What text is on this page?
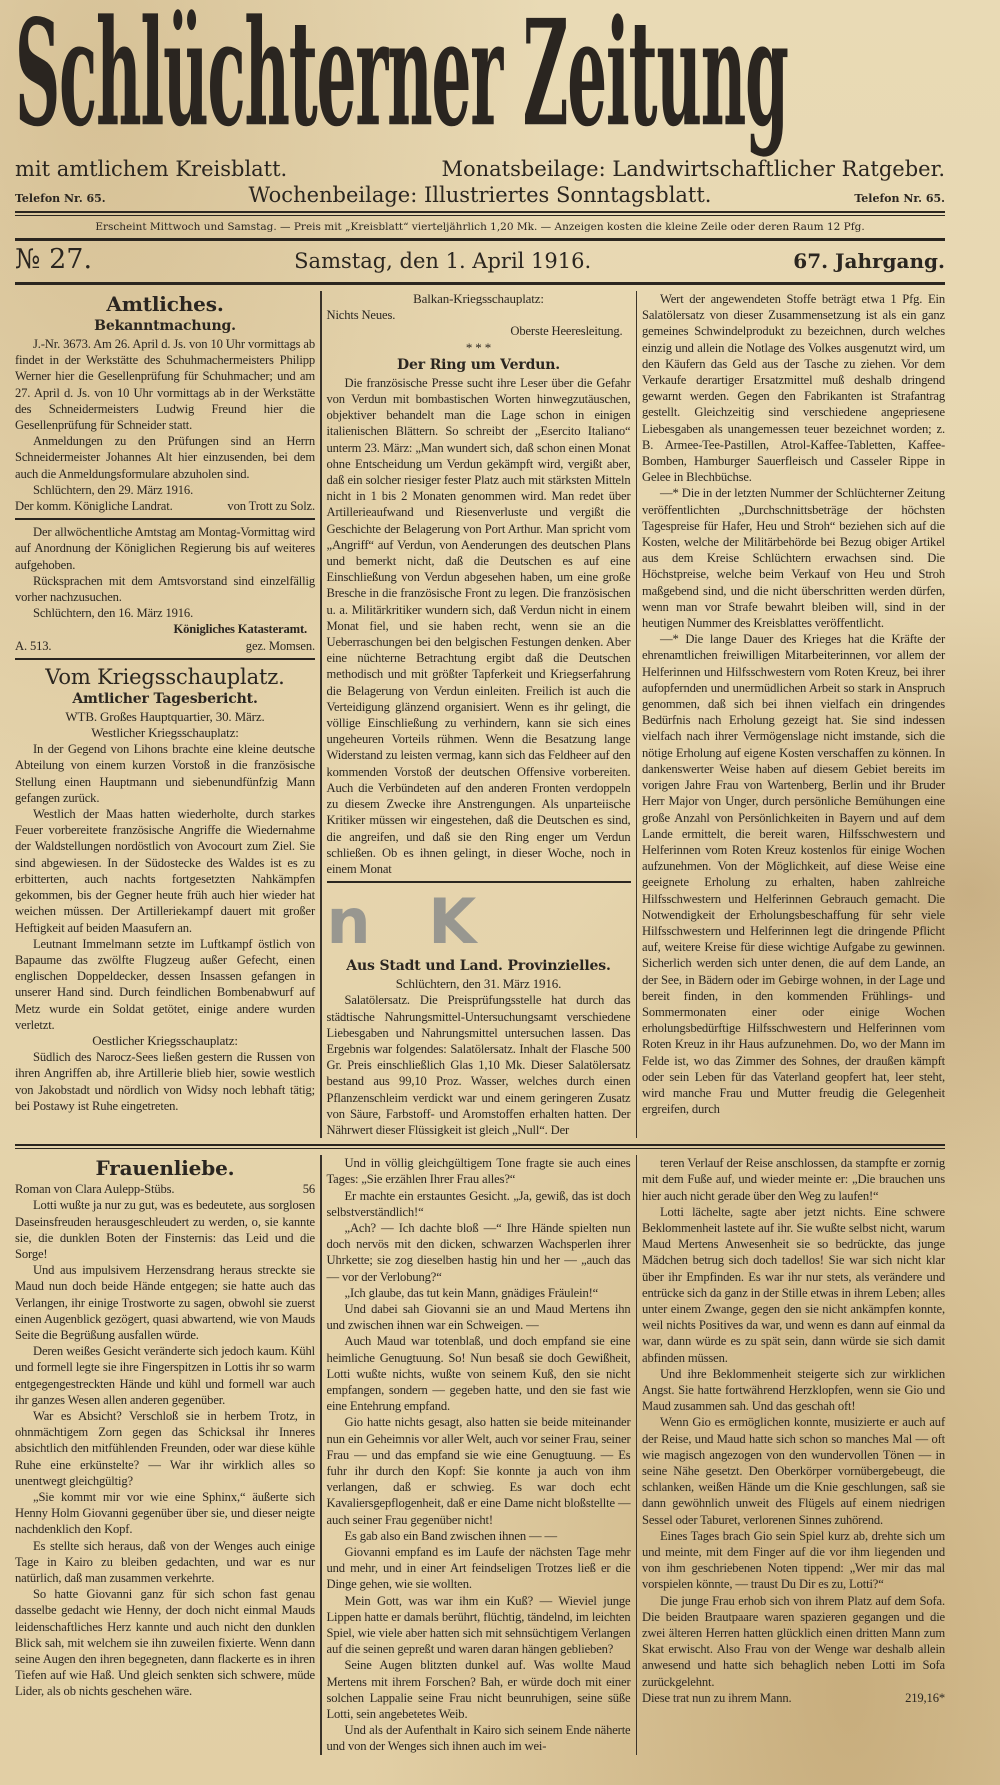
Schlüchterner Zeitung
mit amtlichem Kreisblatt.	Monatsbeilage: Landwirtschaftlicher Ratgeber.
Telefon Nr. 65.	Wochenbeilage: Illustriertes Sonntagsblatt.	Telefon Nr. 65.
Erscheint Mittwoch und Samstag. — Preis mit „Kreisblatt“ vierteljährlich 1,20 Mk. — Anzeigen kosten die kleine Zeile oder deren Raum 12 Pfg.
№ 27.	Samstag, den 1. April 1916.	67. Jahrgang.
Amtliches.
Bekanntmachung.

J.-Nr. 3673. Am 26. April d. Js. von 10 Uhr vormittags ab findet in der Werkstätte des Schuhmachermeisters Philipp Werner hier die Gesellenprüfung für Schuhmacher; und am 27. April d. Js. von 10 Uhr vormittags ab in der Werkstätte des Schneidermeisters Ludwig Freund hier die Gesellenprüfung für Schneider statt.

Anmeldungen zu den Prüfungen sind an Herrn Schneidermeister Johannes Alt hier einzusenden, bei dem auch die Anmeldungsformulare abzuholen sind.

Schlüchtern, den 29. März 1916.

Der komm. Königliche Landrat.	von Trott zu Solz.

Der allwöchentliche Amtstag am Montag-Vormittag wird auf Anordnung der Königlichen Regierung bis auf weiteres aufgehoben.

Rücksprachen mit dem Amtsvorstand sind einzelfällig vorher nachzusuchen.

Schlüchtern, den 16. März 1916.

Königliches Katasteramt.
A. 513.	gez. Momsen.
Vom Kriegsschauplatz.
Amtlicher Tagesbericht.
WTB. Großes Hauptquartier, 30. März.
Westlicher Kriegsschauplatz:

In der Gegend von Lihons brachte eine kleine deutsche Abteilung von einem kurzen Vorstoß in die französische Stellung einen Hauptmann und siebenundfünfzig Mann gefangen zurück.

Westlich der Maas hatten wiederholte, durch starkes Feuer vorbereitete französische Angriffe die Wiedernahme der Waldstellungen nordöstlich von Avocourt zum Ziel. Sie sind abgewiesen. In der Südostecke des Waldes ist es zu erbitterten, auch nachts fortgesetzten Nahkämpfen gekommen, bis der Gegner heute früh auch hier wieder hat weichen müssen. Der Artilleriekampf dauert mit großer Heftigkeit auf beiden Maasufern an.

Leutnant Immelmann setzte im Luftkampf östlich von Bapaume das zwölfte Flugzeug außer Gefecht, einen englischen Doppeldecker, dessen Insassen gefangen in unserer Hand sind. Durch feindlichen Bombenabwurf auf Metz wurde ein Soldat getötet, einige andere wurden verletzt.

Oestlicher Kriegsschauplatz:

Südlich des Narocz-Sees ließen gestern die Russen von ihren Angriffen ab, ihre Artillerie blieb hier, sowie westlich von Jakobstadt und nördlich von Widsy noch lebhaft tätig; bei Postawy ist Ruhe eingetreten.

Balkan-Kriegsschauplatz:
Nichts Neues.
Oberste Heeresleitung.
* * *
Der Ring um Verdun.

Die französische Presse sucht ihre Leser über die Gefahr von Verdun mit bombastischen Worten hinwegzutäuschen, objektiver behandelt man die Lage schon in einigen italienischen Blättern. So schreibt der „Esercito Italiano“ unterm 23. März: „Man wundert sich, daß schon einen Monat ohne Entscheidung um Verdun gekämpft wird, vergißt aber, daß ein solcher riesiger fester Platz auch mit stärksten Mitteln nicht in 1 bis 2 Monaten genommen wird. Man redet über Artillerieaufwand und Riesenverluste und vergißt die Geschichte der Belagerung von Port Arthur. Man spricht vom „Angriff“ auf Verdun, von Aenderungen des deutschen Plans und bemerkt nicht, daß die Deutschen es auf eine Einschließung von Verdun abgesehen haben, um eine große Bresche in die französische Front zu legen. Die französischen u. a. Militärkritiker wundern sich, daß Verdun nicht in einem Monat fiel, und sie haben recht, wenn sie an die Ueberraschungen bei den belgischen Festungen denken. Aber eine nüchterne Betrachtung ergibt daß die Deutschen methodisch und mit größter Tapferkeit und Kriegserfahrung die Belagerung von Verdun einleiten. Freilich ist auch die Verteidigung glänzend organisiert. Wenn es ihr gelingt, die völlige Einschließung zu verhindern, kann sie sich eines ungeheuren Vorteils rühmen. Wenn die Besatzung lange Widerstand zu leisten vermag, kann sich das Feldheer auf den kommenden Vorstoß der deutschen Offensive vorbereiten. Auch die Verbündeten auf den anderen Fronten verdoppeln zu diesem Zwecke ihre Anstrengungen. Als unparteiische Kritiker müssen wir eingestehen, daß die Deutschen es sind, die angreifen, und daß sie den Ring enger um Verdun schließen. Ob es ihnen gelingt, in dieser Woche, noch in einem Monat

n K
Aus Stadt und Land. Provinzielles.
Schlüchtern, den 31. März 1916.

Salatölersatz. Die Preisprüfungsstelle hat durch das städtische Nahrungsmittel-Untersuchungsamt verschiedene Liebesgaben und Nahrungsmittel untersuchen lassen. Das Ergebnis war folgendes: Salatölersatz. Inhalt der Flasche 500 Gr. Preis einschließlich Glas 1,10 Mk. Dieser Salatölersatz bestand aus 99,10 Proz. Wasser, welches durch einen Pflanzenschleim verdickt war und einem geringeren Zusatz von Säure, Farbstoff- und Aromstoffen erhalten hatten. Der Nährwert dieser Flüssigkeit ist gleich „Null“. Der

Wert der angewendeten Stoffe beträgt etwa 1 Pfg. Ein Salatölersatz von dieser Zusammensetzung ist als ein ganz gemeines Schwindelprodukt zu bezeichnen, durch welches einzig und allein die Notlage des Volkes ausgenutzt wird, um den Käufern das Geld aus der Tasche zu ziehen. Vor dem Verkaufe derartiger Ersatzmittel muß deshalb dringend gewarnt werden. Gegen den Fabrikanten ist Strafantrag gestellt. Gleichzeitig sind verschiedene angepriesene Liebesgaben als unangemessen teuer bezeichnet worden; z. B. Armee-Tee-Pastillen, Atrol-Kaffee-Tabletten, Kaffee-Bomben, Hamburger Sauerfleisch und Casseler Rippe in Gelee in Blechbüchse.

—* Die in der letzten Nummer der Schlüchterner Zeitung veröffentlichten „Durchschnittsbeträge der höchsten Tagespreise für Hafer, Heu und Stroh“ beziehen sich auf die Kosten, welche der Militärbehörde bei Bezug obiger Artikel aus dem Kreise Schlüchtern erwachsen sind. Die Höchstpreise, welche beim Verkauf von Heu und Stroh maßgebend sind, und die nicht überschritten werden dürfen, wenn man vor Strafe bewahrt bleiben will, sind in der heutigen Nummer des Kreisblattes veröffentlicht.

—* Die lange Dauer des Krieges hat die Kräfte der ehrenamtlichen freiwilligen Mitarbeiterinnen, vor allem der Helferinnen und Hilfsschwestern vom Roten Kreuz, bei ihrer aufopfernden und unermüdlichen Arbeit so stark in Anspruch genommen, daß sich bei ihnen vielfach ein dringendes Bedürfnis nach Erholung gezeigt hat. Sie sind indessen vielfach nach ihrer Vermögenslage nicht imstande, sich die nötige Erholung auf eigene Kosten verschaffen zu können. In dankenswerter Weise haben auf diesem Gebiet bereits im vorigen Jahre Frau von Wartenberg, Berlin und ihr Bruder Herr Major von Unger, durch persönliche Bemühungen eine große Anzahl von Persönlichkeiten in Bayern und auf dem Lande ermittelt, die bereit waren, Hilfsschwestern und Helferinnen vom Roten Kreuz kostenlos für einige Wochen aufzunehmen. Von der Möglichkeit, auf diese Weise eine geeignete Erholung zu erhalten, haben zahlreiche Hilfsschwestern und Helferinnen Gebrauch gemacht. Die Notwendigkeit der Erholungsbeschaffung für sehr viele Hilfsschwestern und Helferinnen legt die dringende Pflicht auf, weitere Kreise für diese wichtige Aufgabe zu gewinnen. Sicherlich werden sich unter denen, die auf dem Lande, an der See, in Bädern oder im Gebirge wohnen, in der Lage und bereit finden, in den kommenden Frühlings- und Sommermonaten einer oder einige Wochen erholungsbedürftige Hilfsschwestern und Helferinnen vom Roten Kreuz in ihr Haus aufzunehmen. Do, wo der Mann im Felde ist, wo das Zimmer des Sohnes, der draußen kämpft oder sein Leben für das Vaterland geopfert hat, leer steht, wird manche Frau und Mutter freudig die Gelegenheit ergreifen, durch

Frauenliebe.
Roman von Clara Aulepp-Stübs.	56

Lotti wußte ja nur zu gut, was es bedeutete, aus sorglosen Daseinsfreuden herausgeschleudert zu werden, o, sie kannte sie, die dunklen Boten der Finsternis: das Leid und die Sorge!

Und aus impulsivem Herzensdrang heraus streckte sie Maud nun doch beide Hände entgegen; sie hatte auch das Verlangen, ihr einige Trostworte zu sagen, obwohl sie zuerst einen Augenblick gezögert, quasi abwartend, wie von Mauds Seite die Begrüßung ausfallen würde.

Deren weißes Gesicht veränderte sich jedoch kaum. Kühl und formell legte sie ihre Fingerspitzen in Lottis ihr so warm entgegengestreckten Hände und kühl und formell war auch ihr ganzes Wesen allen anderen gegenüber.

War es Absicht? Verschloß sie in herbem Trotz, in ohnmächtigem Zorn gegen das Schicksal ihr Inneres absichtlich den mitfühlenden Freunden, oder war diese kühle Ruhe eine erkünstelte? — War ihr wirklich alles so unentwegt gleichgültig?

„Sie kommt mir vor wie eine Sphinx,“ äußerte sich Henny Holm Giovanni gegenüber über sie, und dieser neigte nachdenklich den Kopf.

Es stellte sich heraus, daß von der Wenges auch einige Tage in Kairo zu bleiben gedachten, und war es nur natürlich, daß man zusammen verkehrte.

So hatte Giovanni ganz für sich schon fast genau dasselbe gedacht wie Henny, der doch nicht einmal Mauds leidenschaftliches Herz kannte und auch nicht den dunklen Blick sah, mit welchem sie ihn zuweilen fixierte. Wenn dann seine Augen den ihren begegneten, dann flackerte es in ihren Tiefen auf wie Haß. Und gleich senkten sich schwere, müde Lider, als ob nichts geschehen wäre.

Und in völlig gleichgültigem Tone fragte sie auch eines Tages: „Sie erzählen Ihrer Frau alles?“

Er machte ein erstauntes Gesicht. „Ja, gewiß, das ist doch selbstverständlich!“

„Ach? — Ich dachte bloß —“ Ihre Hände spielten nun doch nervös mit den dicken, schwarzen Wachsperlen ihrer Uhrkette; sie zog dieselben hastig hin und her — „auch das — vor der Verlobung?“

„Ich glaube, das tut kein Mann, gnädiges Fräulein!“

Und dabei sah Giovanni sie an und Maud Mertens ihn und zwischen ihnen war ein Schweigen. —

Auch Maud war totenblaß, und doch empfand sie eine heimliche Genugtuung. So! Nun besaß sie doch Gewißheit, Lotti wußte nichts, wußte von seinem Kuß, den sie nicht empfangen, sondern — gegeben hatte, und den sie fast wie eine Entehrung empfand.

Gio hatte nichts gesagt, also hatten sie beide miteinander nun ein Geheimnis vor aller Welt, auch vor seiner Frau, seiner Frau — und das empfand sie wie eine Genugtuung. — Es fuhr ihr durch den Kopf: Sie konnte ja auch von ihm verlangen, daß er schwieg. Es war doch echt Kavaliersgepflogenheit, daß er eine Dame nicht bloßstellte — auch seiner Frau gegenüber nicht!

Es gab also ein Band zwischen ihnen — —

Giovanni empfand es im Laufe der nächsten Tage mehr und mehr, und in einer Art feindseligen Trotzes ließ er die Dinge gehen, wie sie wollten.

Mein Gott, was war ihm ein Kuß? — Wieviel junge Lippen hatte er damals berührt, flüchtig, tändelnd, im leichten Spiel, wie viele aber hatten sich mit sehnsüchtigem Verlangen auf die seinen gepreßt und waren daran hängen geblieben?

Seine Augen blitzten dunkel auf. Was wollte Maud Mertens mit ihrem Forschen? Bah, er würde doch mit einer solchen Lappalie seine Frau nicht beunruhigen, seine süße Lotti, sein angebetetes Weib.

Und als der Aufenthalt in Kairo sich seinem Ende näherte und von der Wenges sich ihnen auch im wei-

teren Verlauf der Reise anschlossen, da stampfte er zornig mit dem Fuße auf, und wieder meinte er: „Die brauchen uns hier auch nicht gerade über den Weg zu laufen!“

Lotti lächelte, sagte aber jetzt nichts. Eine schwere Beklommenheit lastete auf ihr. Sie wußte selbst nicht, warum Maud Mertens Anwesenheit sie so bedrückte, das junge Mädchen betrug sich doch tadellos! Sie war sich nicht klar über ihr Empfinden. Es war ihr nur stets, als verändere und entrücke sich da ganz in der Stille etwas in ihrem Leben; alles unter einem Zwange, gegen den sie nicht ankämpfen konnte, weil nichts Positives da war, und wenn es dann auf einmal da war, dann würde es zu spät sein, dann würde sie sich damit abfinden müssen.

Und ihre Beklommenheit steigerte sich zur wirklichen Angst. Sie hatte fortwährend Herzklopfen, wenn sie Gio und Maud zusammen sah. Und das geschah oft!

Wenn Gio es ermöglichen konnte, musizierte er auch auf der Reise, und Maud hatte sich schon so manches Mal — oft wie magisch angezogen von den wundervollen Tönen — in seine Nähe gesetzt. Den Oberkörper vornübergebeugt, die schlanken, weißen Hände um die Knie geschlungen, saß sie dann gewöhnlich unweit des Flügels auf einem niedrigen Sessel oder Taburet, verlorenen Sinnes zuhörend.

Eines Tages brach Gio sein Spiel kurz ab, drehte sich um und meinte, mit dem Finger auf die vor ihm liegenden und von ihm geschriebenen Noten tippend: „Wer mir das mal vorspielen könnte, — traust Du Dir es zu, Lotti?“

Die junge Frau erhob sich von ihrem Platz auf dem Sofa. Die beiden Brautpaare waren spazieren gegangen und die zwei älteren Herren hatten glücklich einen dritten Mann zum Skat erwischt. Also Frau von der Wenge war deshalb allein anwesend und hatte sich behaglich neben Lotti im Sofa zurückgelehnt.

Diese trat nun zu ihrem Mann.	219,16*
